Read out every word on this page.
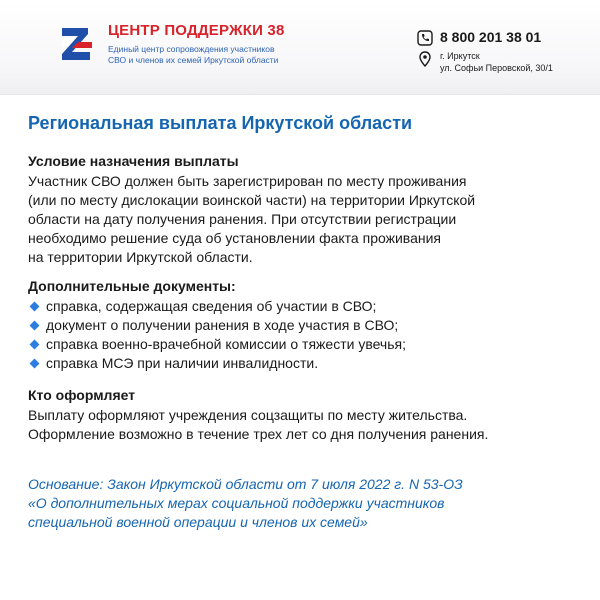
ЦЕНТР ПОДДЕРЖКИ 38
Единый центр сопровождения участников
СВО и членов их семей Иркутской области
8 800 201 38 01
г. Иркутск
ул. Софьи Перовской, 30/1
Региональная выплата Иркутской области
Условие назначения выплаты

Участник СВО должен быть зарегистрирован по месту проживания
(или по месту дислокации воинской части) на территории Иркутской
области на дату получения ранения. При отсутствии регистрации
необходимо решение суда об установлении факта проживания
на территории Иркутской области.

Дополнительные документы:
справка, содержащая сведения об участии в СВО;
документ о получении ранения в ходе участия в СВО;
справка военно-врачебной комиссии о тяжести увечья;
справка МСЭ при наличии инвалидности.
Кто оформляет

Выплату оформляют учреждения соцзащиты по месту жительства.
Оформление возможно в течение трех лет со дня получения ранения.

Основание: Закон Иркутской области от 7 июля 2022 г. N 53-ОЗ
«О дополнительных мерах социальной поддержки участников
специальной военной операции и членов их семей»
